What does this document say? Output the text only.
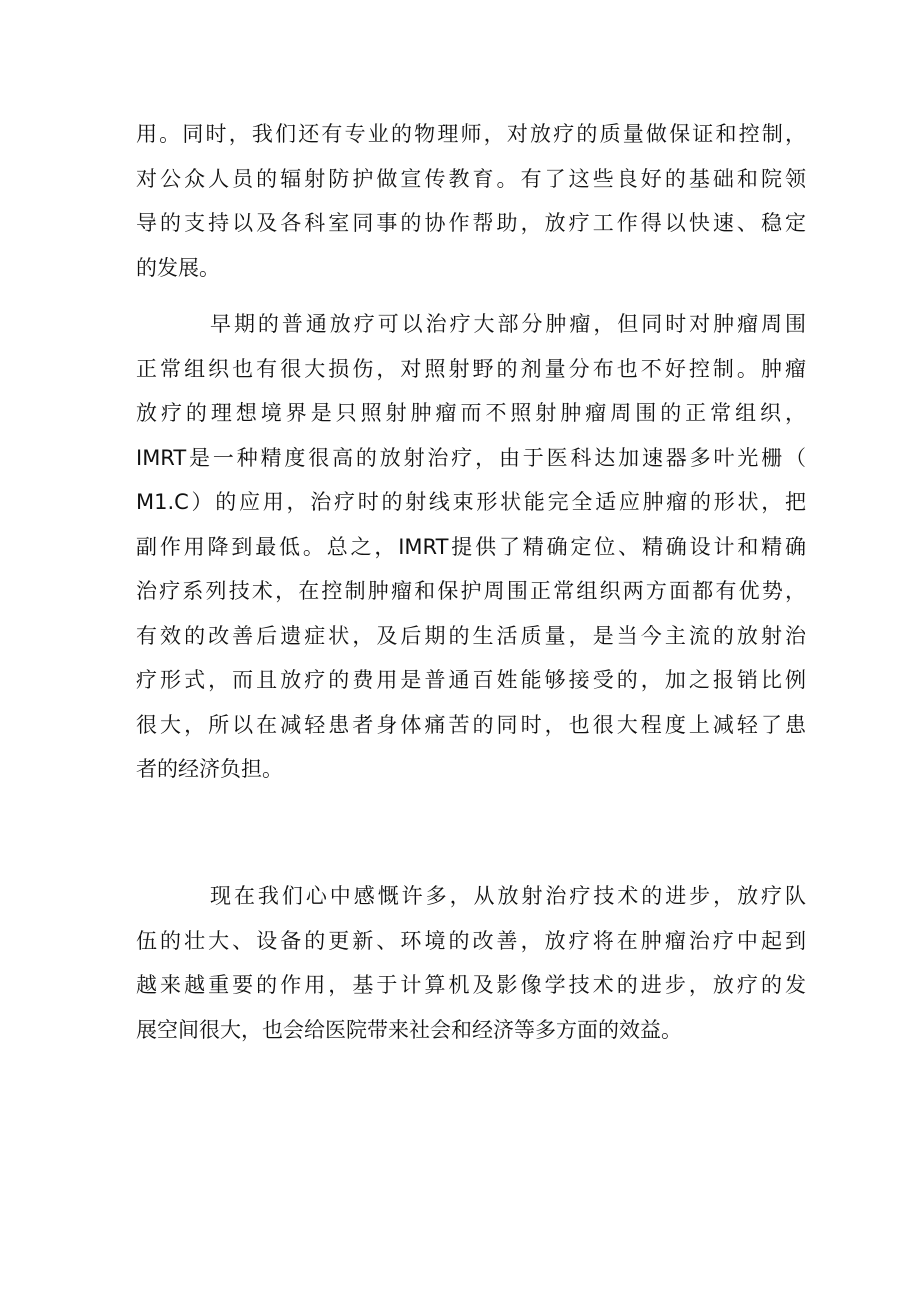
用。同时，我们还有专业的物理师，对放疗的质量做保证和控制，
对公众人员的辐射防护做宣传教育。有了这些良好的基础和院领
导的支持以及各科室同事的协作帮助，放疗工作得以快速、稳定
的发展。
早期的普通放疗可以治疗大部分肿瘤，但同时对肿瘤周围
正常组织也有很大损伤，对照射野的剂量分布也不好控制。肿瘤
放疗的理想境界是只照射肿瘤而不照射肿瘤周围的正常组织，
IMRT是一种精度很高的放射治疗，由于医科达加速器多叶光栅（
M1.C）的应用，治疗时的射线束形状能完全适应肿瘤的形状，把
副作用降到最低。总之，IMRT提供了精确定位、精确设计和精确
治疗系列技术，在控制肿瘤和保护周围正常组织两方面都有优势，
有效的改善后遗症状，及后期的生活质量，是当今主流的放射治
疗形式，而且放疗的费用是普通百姓能够接受的，加之报销比例
很大，所以在减轻患者身体痛苦的同时，也很大程度上减轻了患
者的经济负担。
现在我们心中感慨许多，从放射治疗技术的进步，放疗队
伍的壮大、设备的更新、环境的改善，放疗将在肿瘤治疗中起到
越来越重要的作用，基于计算机及影像学技术的进步，放疗的发
展空间很大，也会给医院带来社会和经济等多方面的效益。
